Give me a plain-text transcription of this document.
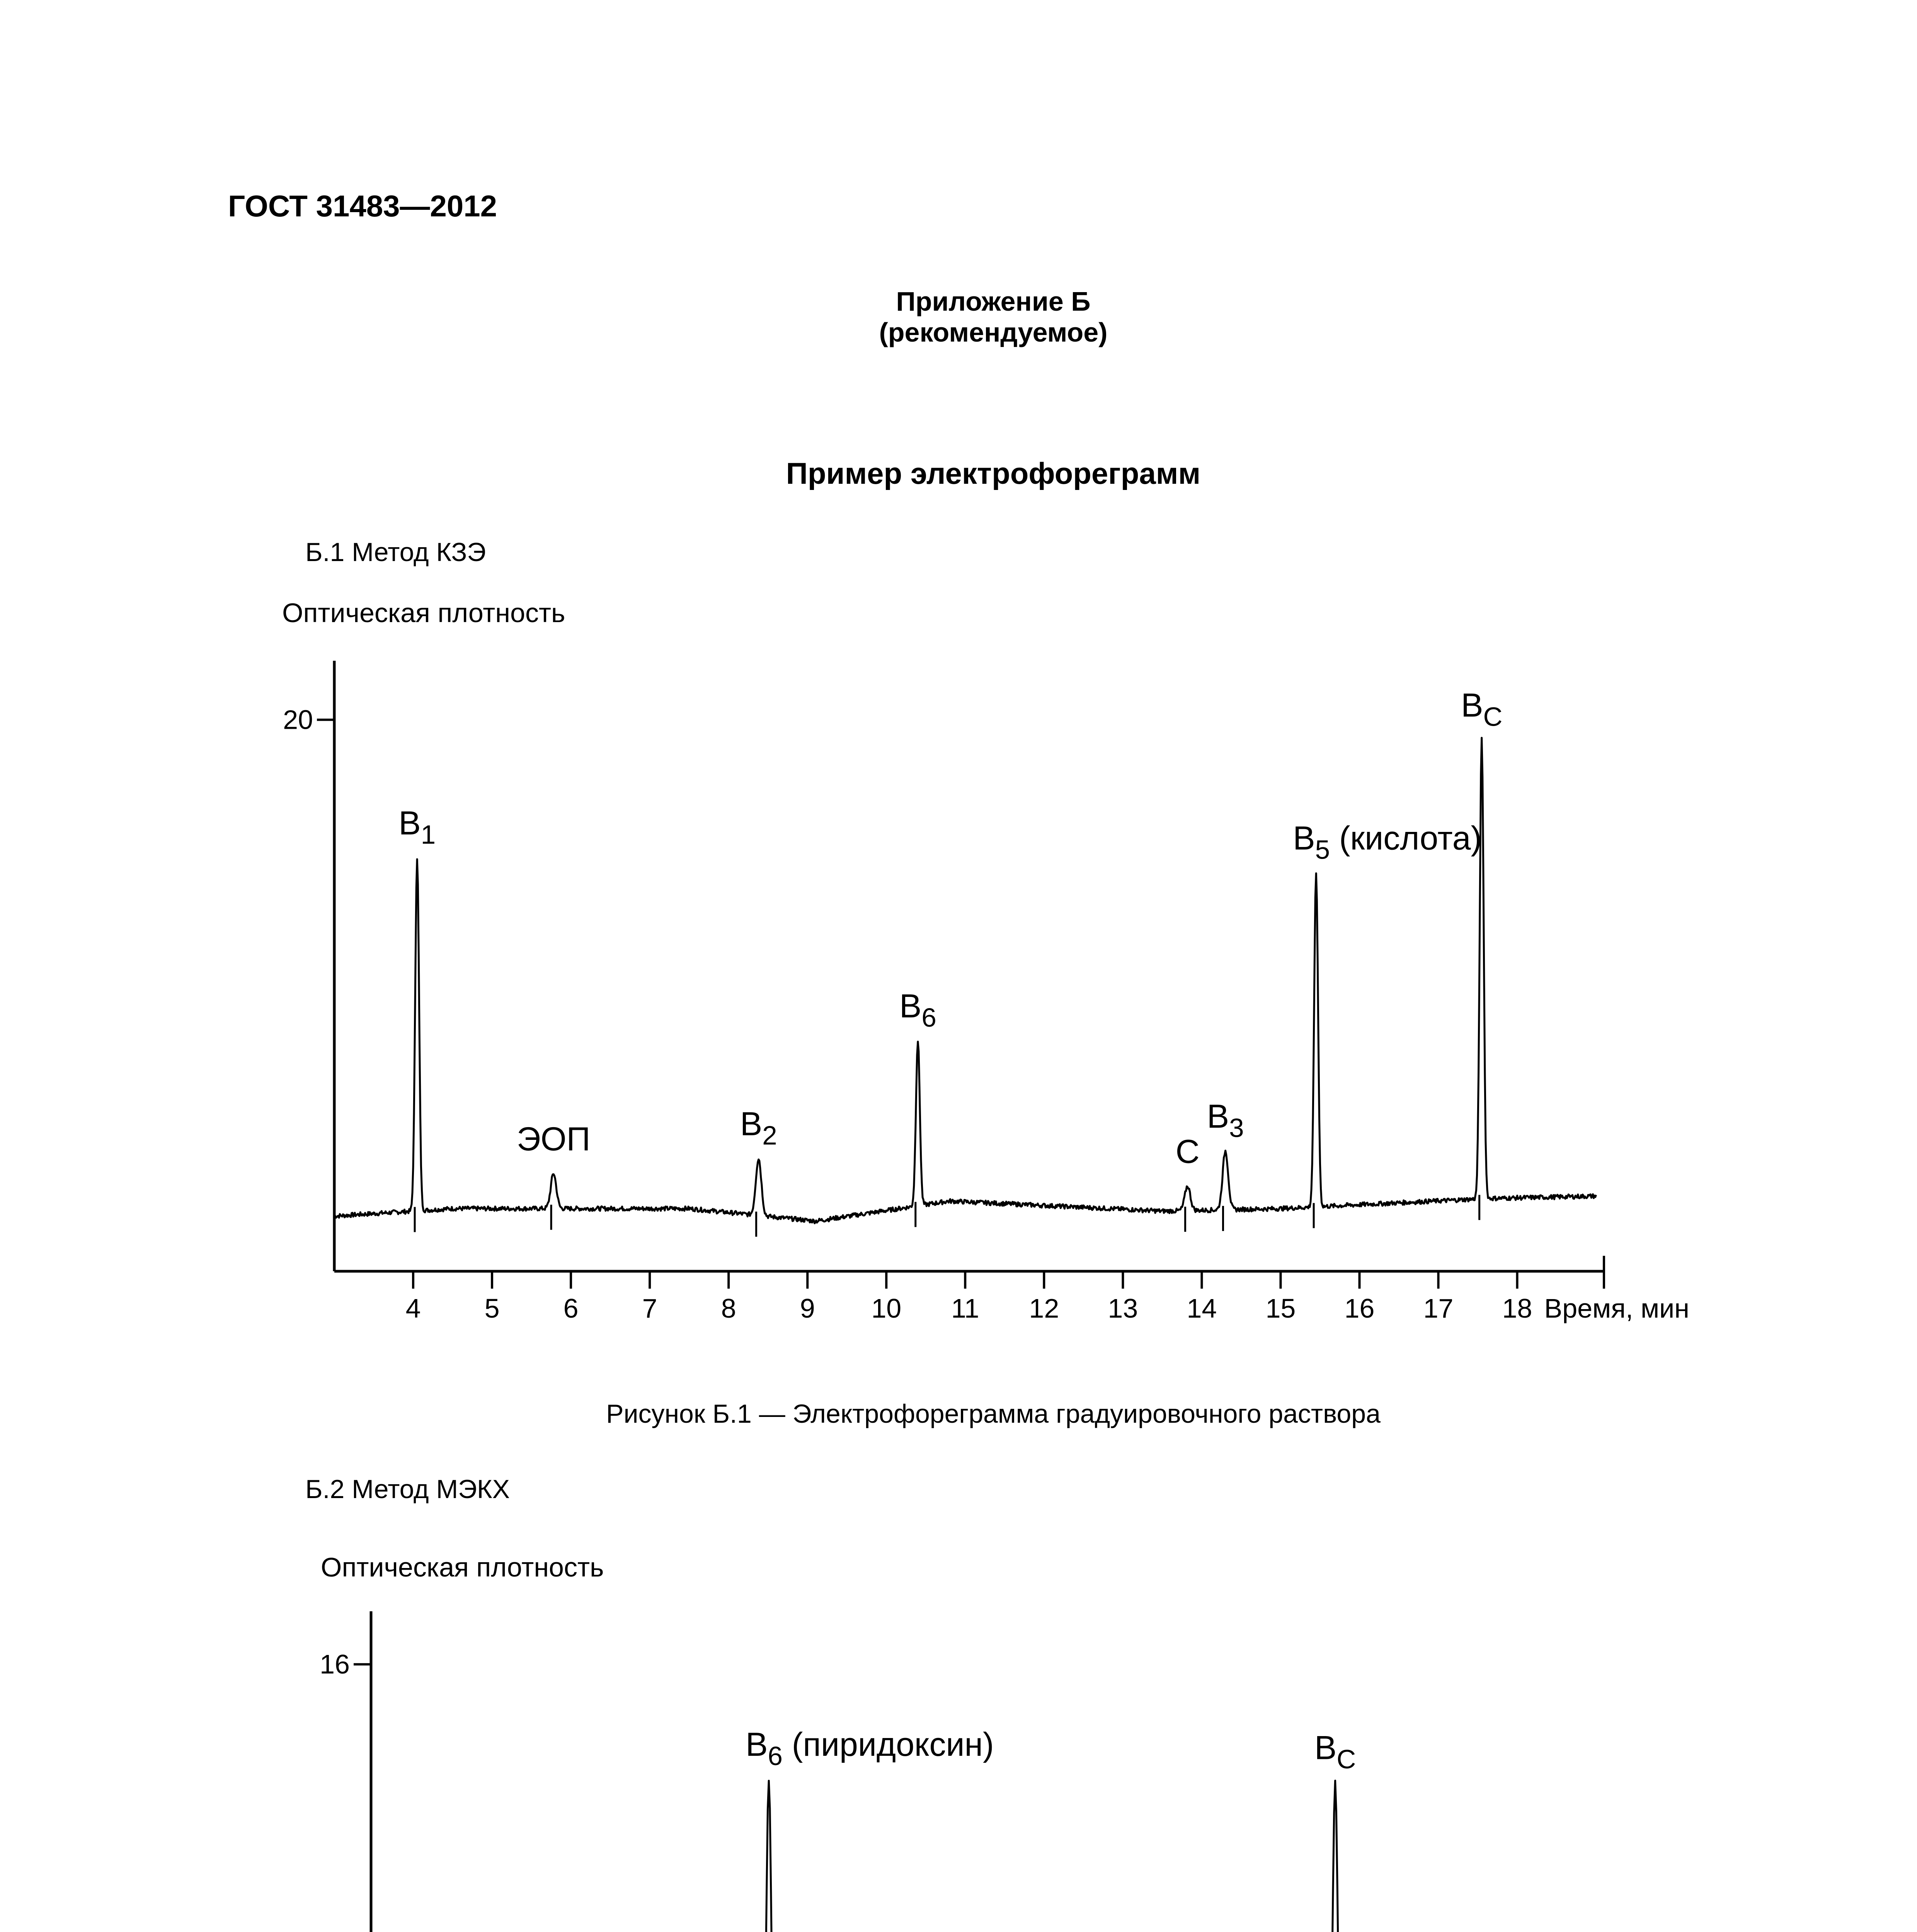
ГОСТ 31483—2012
Приложение Б
(рекомендуемое)
Пример электрофореграмм
Б.1 Метод КЗЭ
Б.2 Метод МЭКХ
Оптическая плотность
20
4 5 6 7 8 9 10 11 12 13 14 15 16 17 18 Время, мин
$B_1$
ЭОП	$B_2$
$B_6$
C
$B_3$
$B_5$ (кислота)
$B_C$
Рисунок Б.1 — Электрофореграмма градуировочного раствора
Оптическая плотность
16
$B_6$ (пиридоксин)	$B_C$
